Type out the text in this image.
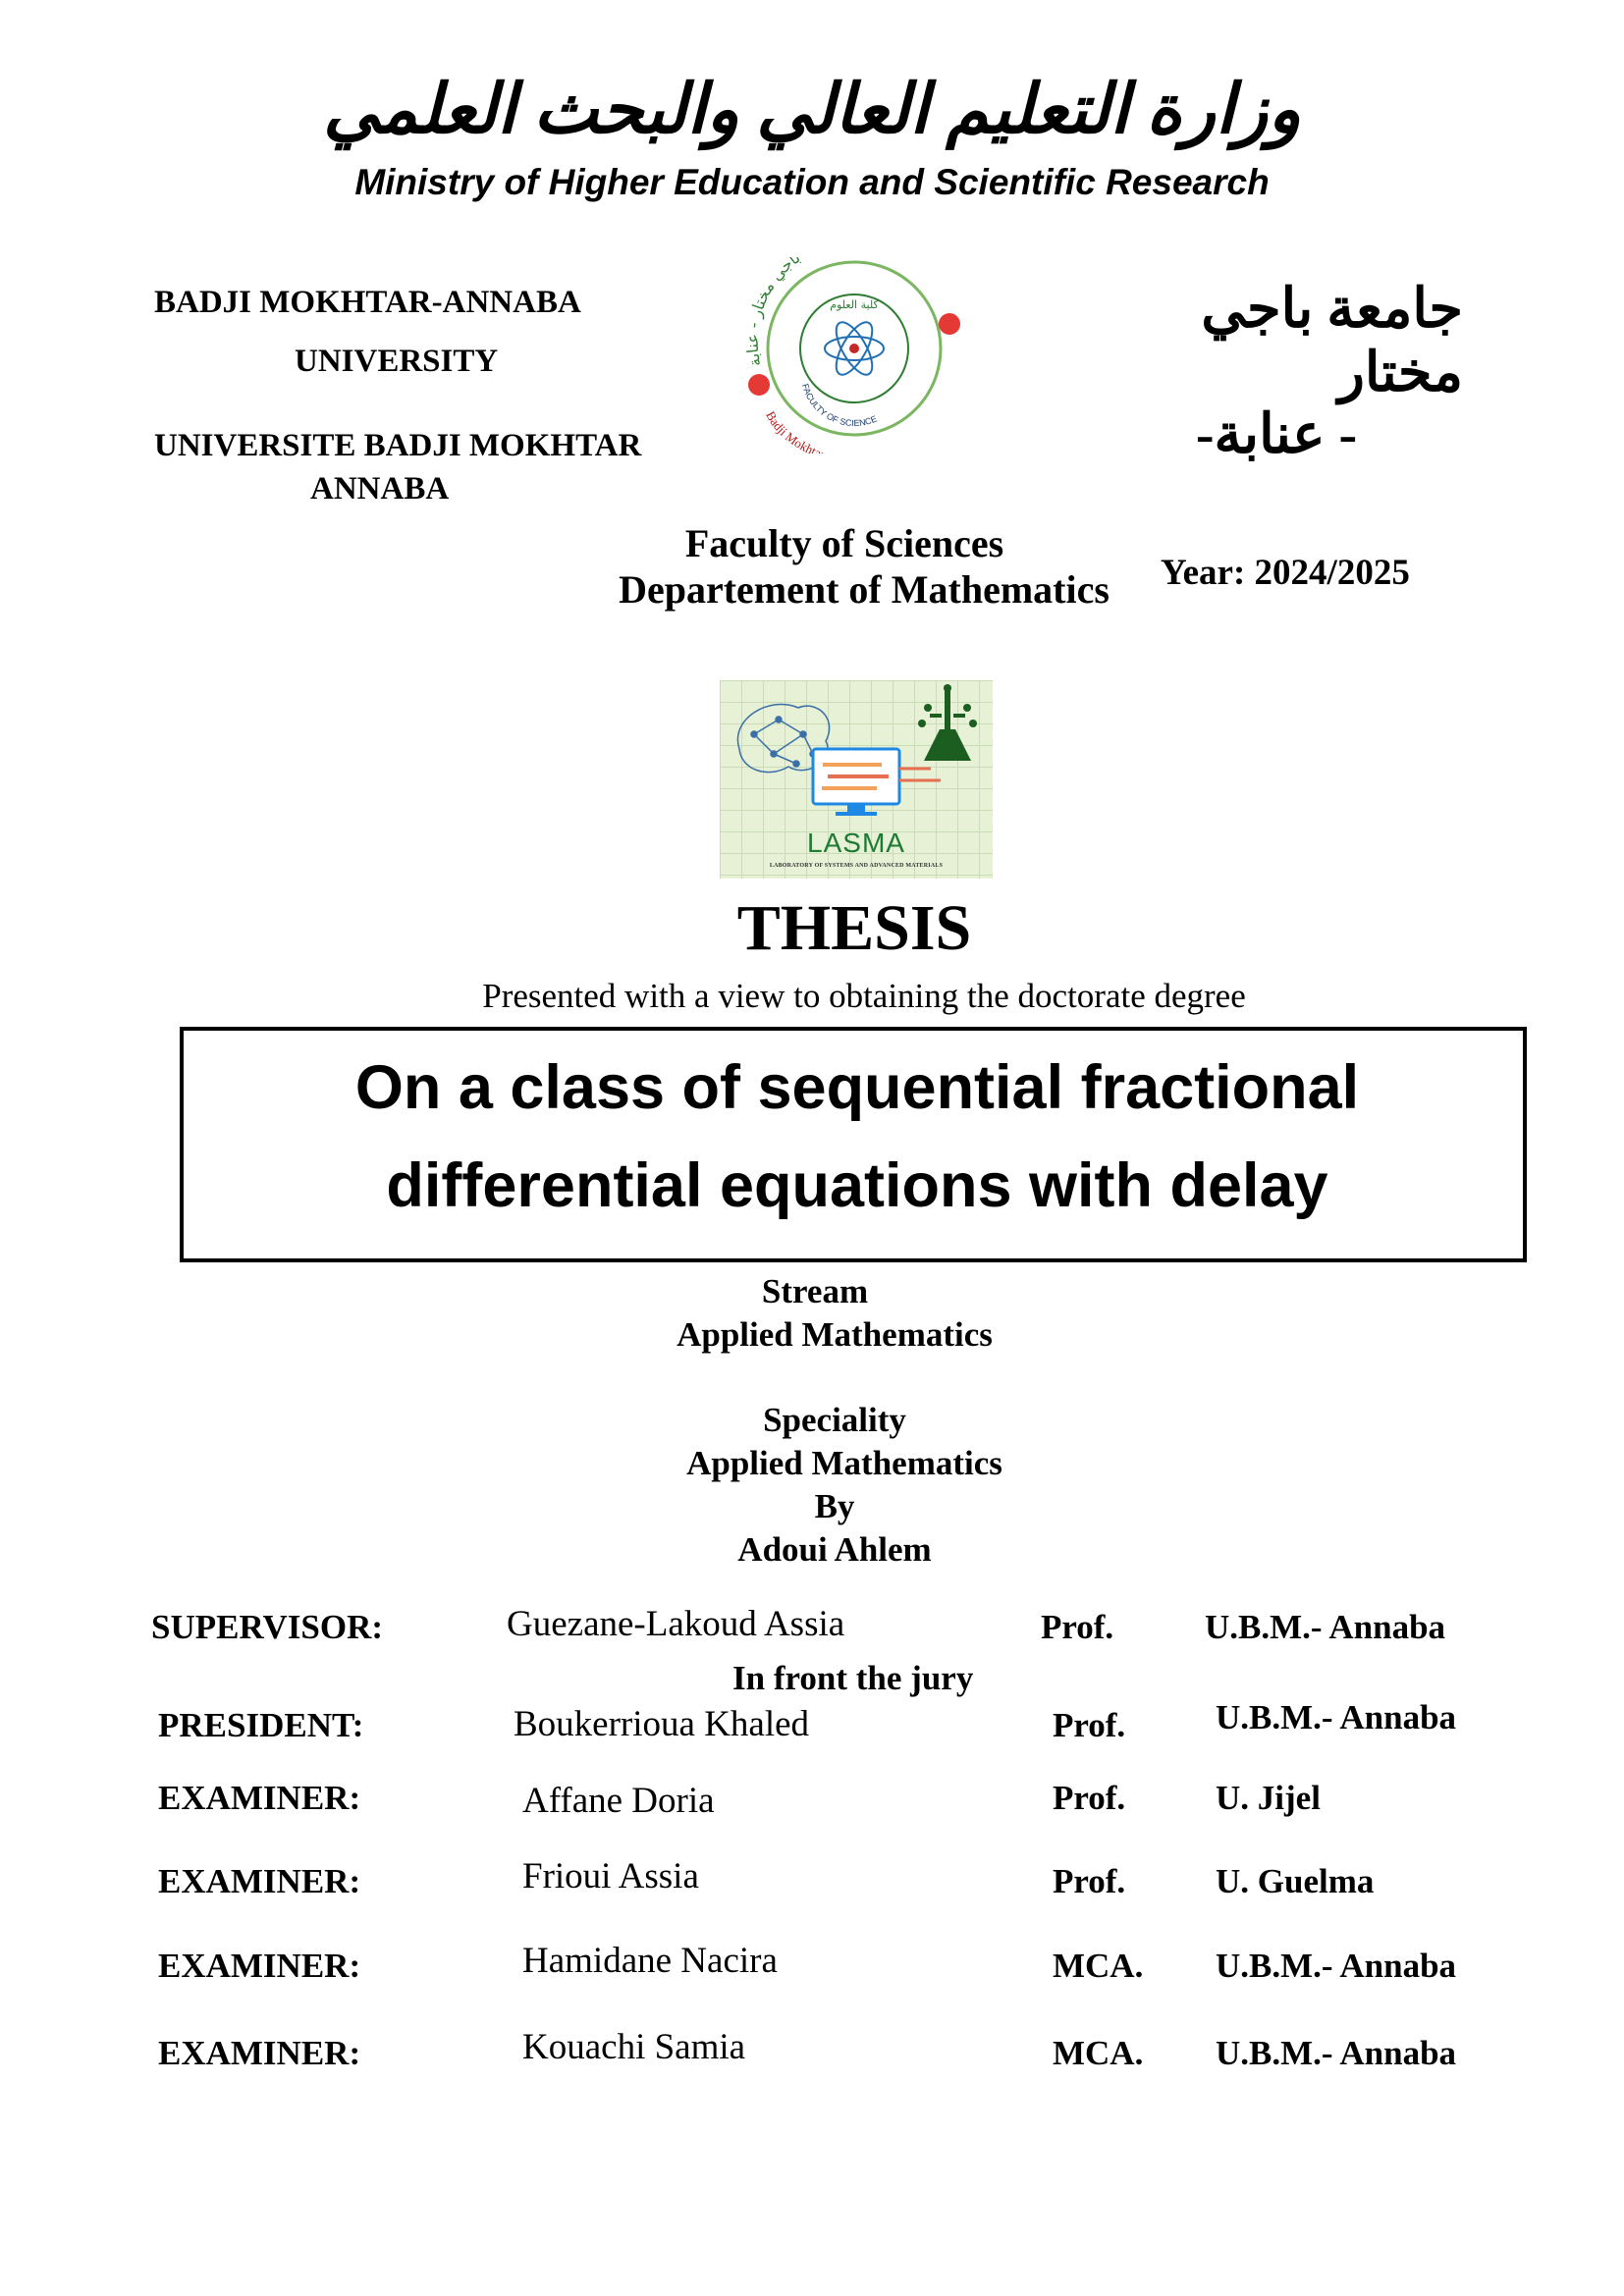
وزارة التعليم العالي والبحث العلمي
Ministry of Higher Education and Scientific Research
BADJI MOKHTAR-ANNABA
UNIVERSITY
UNIVERSITE BADJI MOKHTAR
ANNABA
اجي مختار - عنابة
Badji Mokhta
FACULTY OF SCIENCE
كلية العلوم	جامعة باجي مختار
- عنابة-
Faculty of Sciences
Departement of Mathematics	Year: 2024/2025
LASMA
LABORATORY OF SYSTEMS AND ADVANCED MATERIALS
THESIS
Presented with a view to obtaining the doctorate degree
On a class of sequential fractional
differential equations with delay
Stream
Applied Mathematics
Speciality
Applied Mathematics
By
Adoui Ahlem
SUPERVISOR:	Guezane-Lakoud Assia	Prof.	U.B.M.- Annaba
In front the jury
PRESIDENT:	Boukerrioua Khaled	Prof.	U.B.M.- Annaba
EXAMINER:	Affane Doria	Prof.	U. Jijel
EXAMINER:	Frioui Assia	Prof.	U. Guelma
EXAMINER:	Hamidane Nacira	MCA. U.B.M.- Annaba
EXAMINER:	Kouachi Samia	MCA. U.B.M.- Annaba
